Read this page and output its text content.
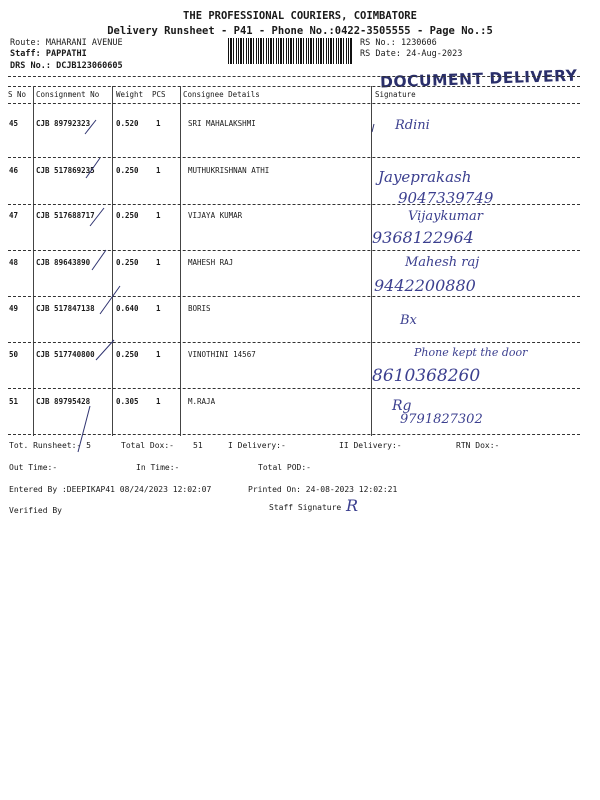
THE PROFESSIONAL COURIERS, COIMBATORE
Delivery Runsheet - P41 - Phone No.:0422-3505555 - Page No.:5
Route: MAHARANI AVENUE
Staff: PAPPATHI
DRS No.: DCJB123060605
RS No.: 1230606
RS Date: 24-Aug-2023
DOCUMENT DELIVERY
S No Consignment No Weight PCS Consignee Details	Signature
45 CJB 89792323	0.520 1	SRI MAHALAKSHMI	Rdini
46 CJB 517869235	0.250 1	MUTHUKRISHNAN ATHI	Jayeprakash
9047339749
47 CJB 517688717	0.250 1	VIJAYA KUMAR	Vijaykumar
9368122964
48 CJB 89643890	0.250 1	MAHESH RAJ	Mahesh raj
9442200880
49 CJB 517847138	0.640 1	BORIS
Bx
50 CJB 517740800	0.250 1	VINOTHINI 14567	Phone kept the door
8610368260
51 CJB 89795428	0.305 1	M.RAJA	Rg
9791827302
Tot. Runsheet:- 5	Total Dox:- 51	I Delivery:-	II Delivery:-	RTN Dox:-
Out Time:-	In Time:-	Total POD:-
Entered By :DEEPIKAP41 08/24/2023 12:02:07	Printed On: 24-08-2023 12:02:21
Verified By	Staff Signature R
